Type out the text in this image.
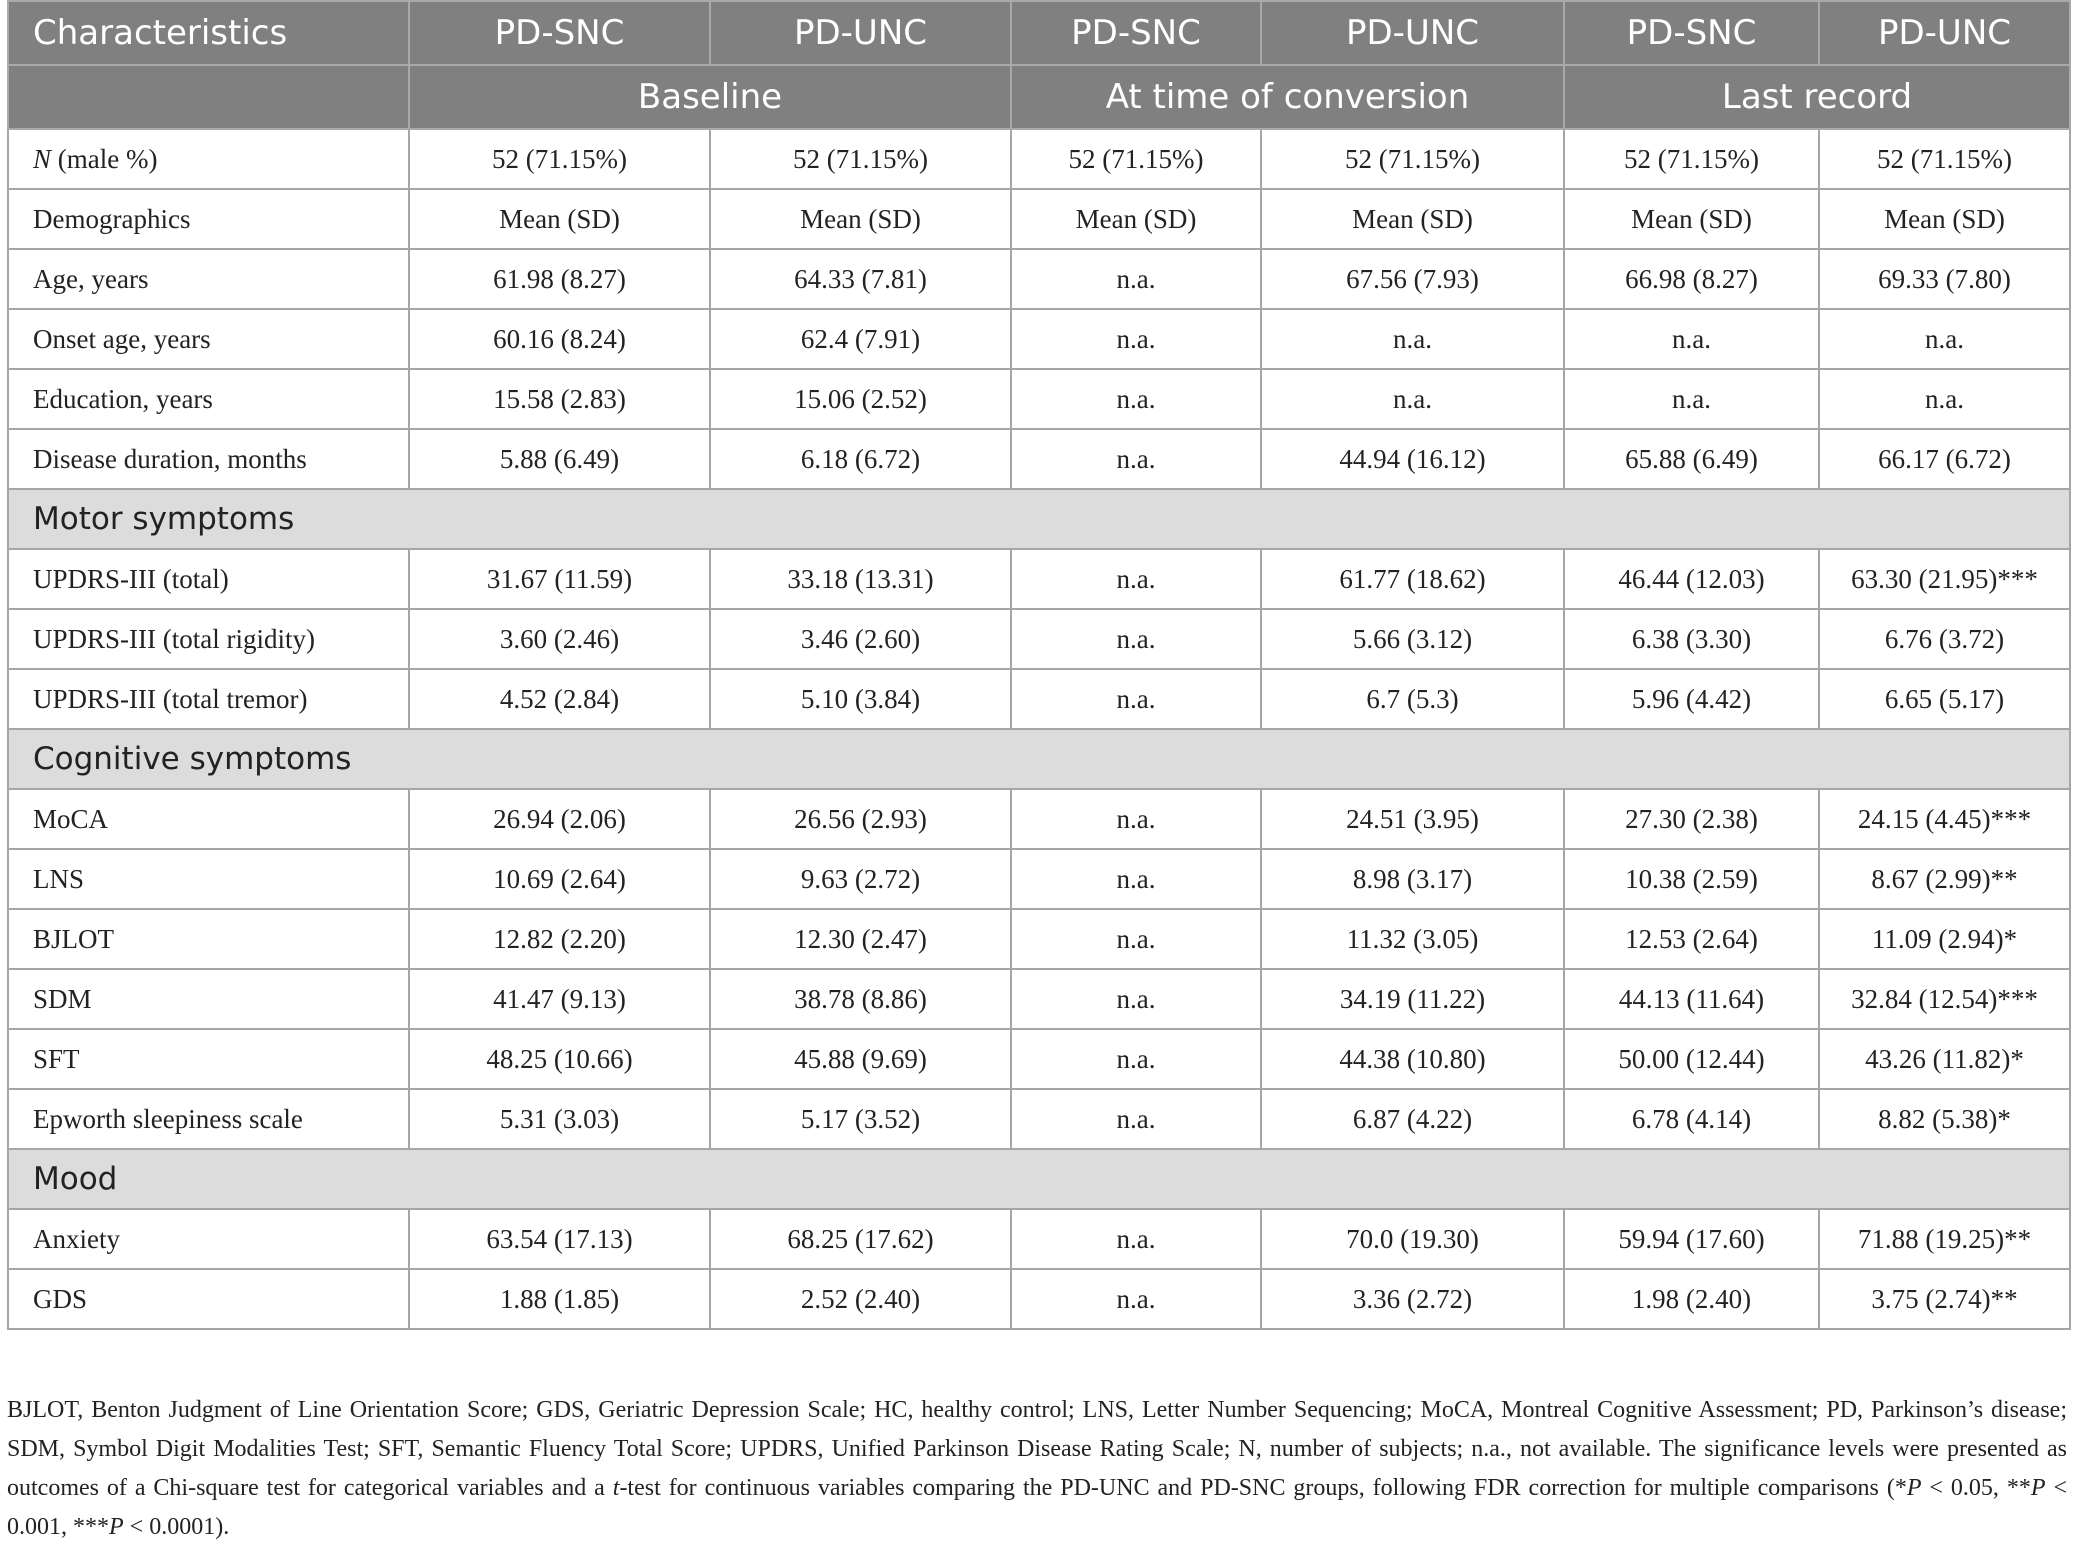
Characteristics	PD-SNC	PD-UNC	PD-SNC	PD-UNC	PD-SNC	PD-UNC
	Baseline		At time of conversion		Last record	
N (male %)	52 (71.15%)	52 (71.15%)	52 (71.15%)	52 (71.15%)	52 (71.15%)	52 (71.15%)
Demographics	Mean (SD)	Mean (SD)	Mean (SD)	Mean (SD)	Mean (SD)	Mean (SD)
Age, years	61.98 (8.27)	64.33 (7.81)	n.a.	67.56 (7.93)	66.98 (8.27)	69.33 (7.80)
Onset age, years	60.16 (8.24)	62.4 (7.91)	n.a.	n.a.	n.a.	n.a.
Education, years	15.58 (2.83)	15.06 (2.52)	n.a.	n.a.	n.a.	n.a.
Disease duration, months	5.88 (6.49)	6.18 (6.72)	n.a.	44.94 (16.12)	65.88 (6.49)	66.17 (6.72)
Motor symptoms						
UPDRS-III (total)	31.67 (11.59)	33.18 (13.31)	n.a.	61.77 (18.62)	46.44 (12.03)	63.30 (21.95)***
UPDRS-III (total rigidity)	3.60 (2.46)	3.46 (2.60)	n.a.	5.66 (3.12)	6.38 (3.30)	6.76 (3.72)
UPDRS-III (total tremor)	4.52 (2.84)	5.10 (3.84)	n.a.	6.7 (5.3)	5.96 (4.42)	6.65 (5.17)
Cognitive symptoms						
MoCA	26.94 (2.06)	26.56 (2.93)	n.a.	24.51 (3.95)	27.30 (2.38)	24.15 (4.45)***
LNS	10.69 (2.64)	9.63 (2.72)	n.a.	8.98 (3.17)	10.38 (2.59)	8.67 (2.99)**
BJLOT	12.82 (2.20)	12.30 (2.47)	n.a.	11.32 (3.05)	12.53 (2.64)	11.09 (2.94)*
SDM	41.47 (9.13)	38.78 (8.86)	n.a.	34.19 (11.22)	44.13 (11.64)	32.84 (12.54)***
SFT	48.25 (10.66)	45.88 (9.69)	n.a.	44.38 (10.80)	50.00 (12.44)	43.26 (11.82)*
Epworth sleepiness scale	5.31 (3.03)	5.17 (3.52)	n.a.	6.87 (4.22)	6.78 (4.14)	8.82 (5.38)*
Mood						
Anxiety	63.54 (17.13)	68.25 (17.62)	n.a.	70.0 (19.30)	59.94 (17.60)	71.88 (19.25)**
GDS	1.88 (1.85)	2.52 (2.40)	n.a.	3.36 (2.72)	1.98 (2.40)	3.75 (2.74)**
BJLOT, Benton Judgment of Line Orientation Score; GDS, Geriatric Depression Scale; HC, healthy control; LNS, Letter Number Sequencing; MoCA, Montreal Cognitive Assessment; PD, Parkinson’s disease; SDM, Symbol Digit Modalities Test; SFT, Semantic Fluency Total Score; UPDRS, Unified Parkinson Disease Rating Scale; N, number of subjects; n.a., not available. The significance levels were presented as outcomes of a Chi-square test for categorical variables and a t-test for continuous variables comparing the PD-UNC and PD-SNC groups, following FDR correction for multiple comparisons (*P < 0.05, **P < 0.001, ***P < 0.0001).
